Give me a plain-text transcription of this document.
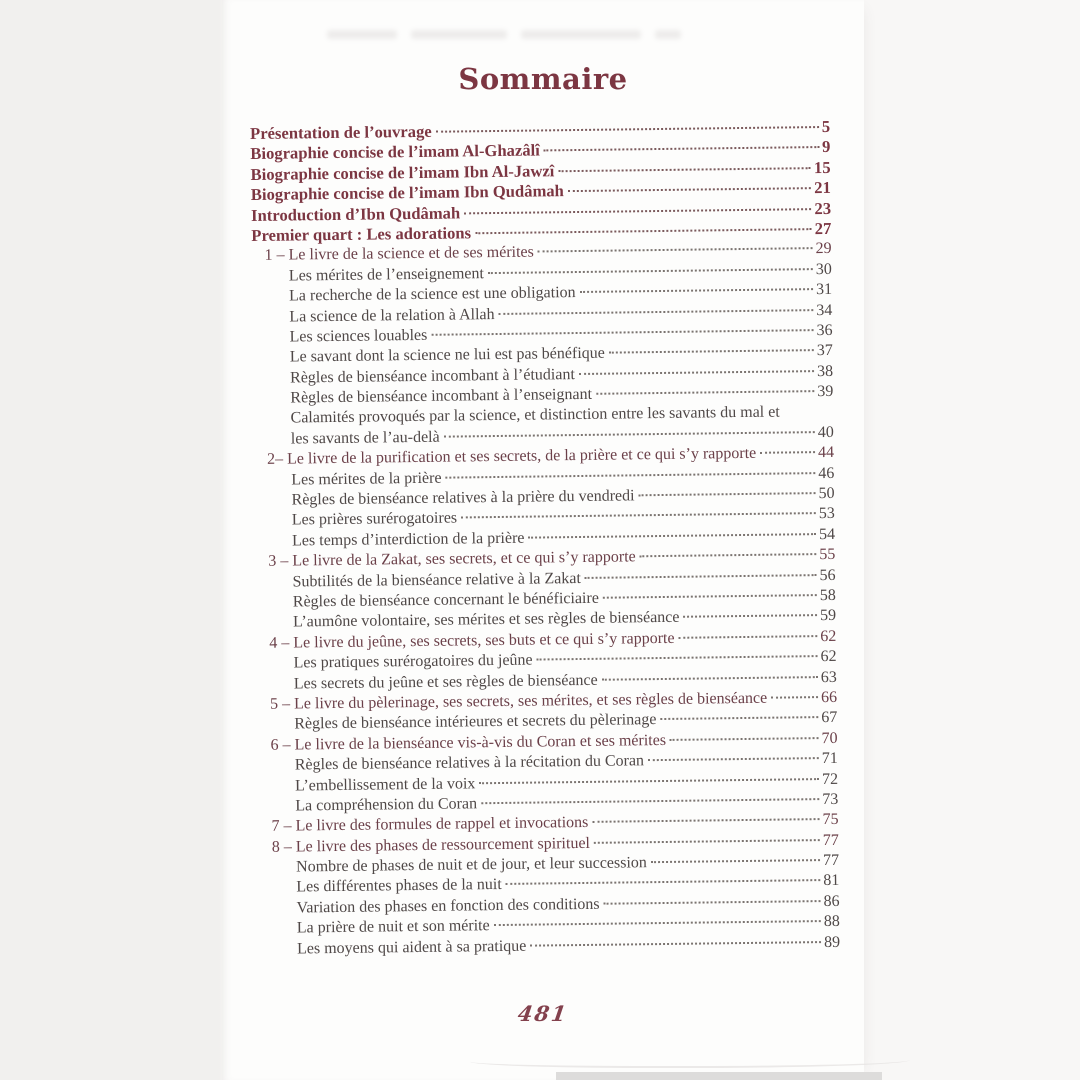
Sommaire
Présentation de l’ouvrage	5
Biographie concise de l’imam Al-Ghazâlî	9
Biographie concise de l’imam Ibn Al-Jawzî	15
Biographie concise de l’imam Ibn Qudâmah	21
Introduction d’Ibn Qudâmah	23
Premier quart : Les adorations	27
1 – Le livre de la science et de ses mérites	29
Les mérites de l’enseignement	30
La recherche de la science est une obligation	31
La science de la relation à Allah	34
Les sciences louables	36
Le savant dont la science ne lui est pas bénéfique	37
Règles de bienséance incombant à l’étudiant	38
Règles de bienséance incombant à l’enseignant	39
Calamités provoqués par la science, et distinction entre les savants du mal et
les savants de l’au-delà	40
2– Le livre de la purification et ses secrets, de la prière et ce qui s’y rapporte	44
Les mérites de la prière	46
Règles de bienséance relatives à la prière du vendredi	50
Les prières surérogatoires	53
Les temps d’interdiction de la prière	54
3 – Le livre de la Zakat, ses secrets, et ce qui s’y rapporte	55
Subtilités de la bienséance relative à la Zakat	56
Règles de bienséance concernant le bénéficiaire	58
L’aumône volontaire, ses mérites et ses règles de bienséance	59
4 – Le livre du jeûne, ses secrets, ses buts et ce qui s’y rapporte	62
Les pratiques surérogatoires du jeûne	62
Les secrets du jeûne et ses règles de bienséance	63
5 – Le livre du pèlerinage, ses secrets, ses mérites, et ses règles de bienséance	66
Règles de bienséance intérieures et secrets du pèlerinage	67
6 – Le livre de la bienséance vis-à-vis du Coran et ses mérites	70
Règles de bienséance relatives à la récitation du Coran	71
L’embellissement de la voix	72
La compréhension du Coran	73
7 – Le livre des formules de rappel et invocations	75
8 – Le livre des phases de ressourcement spirituel	77
Nombre de phases de nuit et de jour, et leur succession	77
Les différentes phases de la nuit	81
Variation des phases en fonction des conditions	86
La prière de nuit et son mérite	88
Les moyens qui aident à sa pratique	89
481
